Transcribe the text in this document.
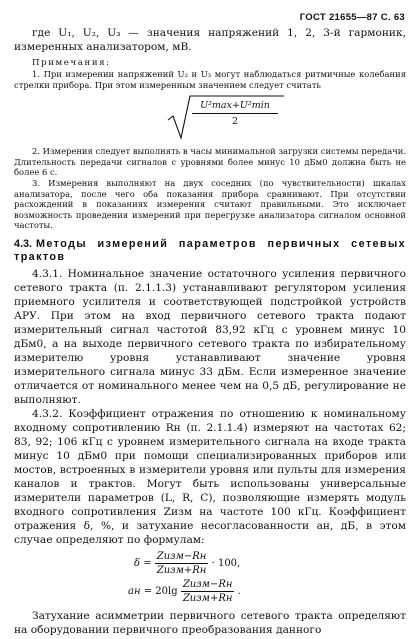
ГОСТ 21655—87 С. 63

где U₁, U₂, U₃ — значения напряжений 1, 2, 3-й гармоник, измеренных анализатором, мВ.

Примечания:

1. При измерении напряжений U₂ и U₃ могут наблюдаться ритмичные колебания стрелки прибора. При этом измеренным значением следует считать

U²max+U²min
2

2. Измерения следует выполнять в часы минимальной загрузки системы передачи. Длительность передачи сигналов с уровнями более минус 10 дБм0 должна быть не более 6 с.

3. Измерения выполняют на двух соседних (по чувствительности) шкалах анализатора, после чего оба показания прибора сравнивают. При отсутствии расхождений в показаниях измерения считают правильными. Это исключает возможность проведения измерений при перегрузке анализатора сигналом основной частоты.

4.3. Методы измерений параметров первичных сетевых трактов

4.3.1. Номинальное значение остаточного усиления первичного сетевого тракта (п. 2.1.1.3) устанавливают регулятором усиления приемного усилителя и соответствующей подстройкой устройств АРУ. При этом на вход первичного сетевого тракта подают измерительный сигнал частотой 83,92 кГц с уровнем минус 10 дБм0, а на выходе первичного сетевого тракта по избирательному измерителю уровня устанавливают значение уровня измерительного сигнала минус 33 дБм. Если измеренное значение отличается от номинального менее чем на 0,5 дБ, регулирование не выполняют.

4.3.2. Коэффициент отражения по отношению к номинальному входному сопротивлению Rн (п. 2.1.1.4) измеряют на частотах 62; 83, 92; 106 кГц с уровнем измерительного сигнала на входе тракта минус 10 дБм0 при помощи специализированных приборов или мостов, встроенных в измерители уровня или пульты для измерения каналов и трактов. Могут быть использованы универсальные измерители параметров (L, R, C), позволяющие измерять модуль входного сопротивления Zизм на частоте 100 кГц. Коэффициент отражения δ, %, и затухание несогласованности aн, дБ, в этом случае определяют по формулам:

$\delta = \frac{\text{Zизм−Rн}}{\text{Zизм+Rн}} \cdot 100$,
aн = $20\lg \frac{\text{Zизм−Rн}}{\text{Zизм+Rн}}$ .

Затухание асимметрии первичного сетевого тракта определяют на оборудовании первичного преобразования данного
